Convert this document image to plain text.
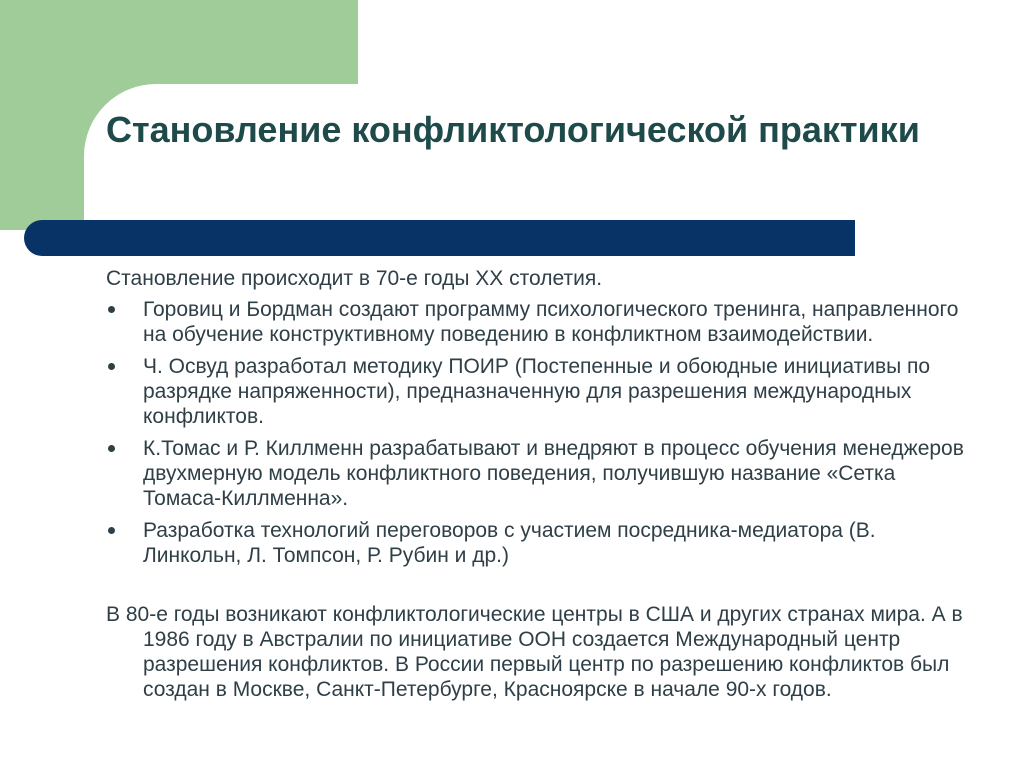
Становление конфликтологической практики

Становление происходит в 70-е годы XX столетия.

Горовиц и Бордман создают программу психологического тренинга, направленного на обучение конструктивному поведению в конфликтном взаимодействии.
Ч. Освуд разработал методику ПОИР (Постепенные и обоюдные инициативы по разрядке напряженности), предназначенную для разрешения международных конфликтов.
К.Томас и Р. Киллменн разрабатывают и внедряют в процесс обучения менеджеров двухмерную модель конфликтного поведения, получившую название «Сетка Томаса-Киллменна».
Разработка технологий переговоров с участием посредника-медиатора (В. Линкольн, Л. Томпсон, Р. Рубин и др.)

В 80-е годы возникают конфликтологические центры в США и других странах мира. А в 1986 году в Австралии по инициативе ООН создается Международный центр разрешения конфликтов. В России первый центр по разрешению конфликтов был создан в Москве, Санкт-Петербурге, Красноярске в начале 90-х годов.
